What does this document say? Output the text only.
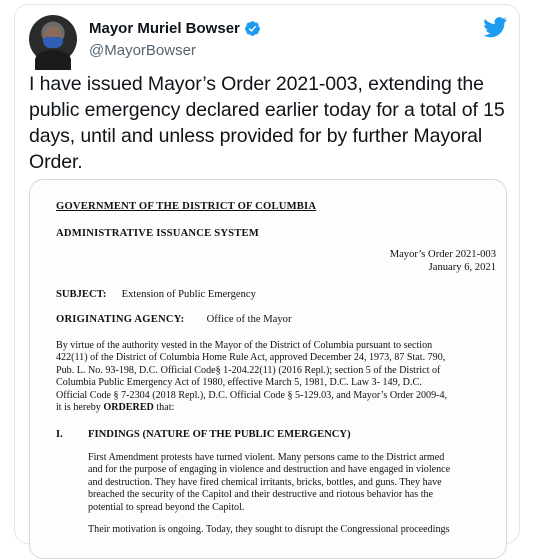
Mayor Muriel Bowser
@MayorBowser
I have issued Mayor’s Order 2021-003, extending the public emergency declared earlier today for a total of 15 days, until and unless provided for by further Mayoral Order.
GOVERNMENT OF THE DISTRICT OF COLUMBIA
ADMINISTRATIVE ISSUANCE SYSTEM
Mayor’s Order 2021-003
January 6, 2021
SUBJECT: Extension of Public Emergency
ORIGINATING AGENCY: Office of the Mayor
By virtue of the authority vested in the Mayor of the District of Columbia pursuant to section
422(11) of the District of Columbia Home Rule Act, approved December 24, 1973, 87 Stat. 790,
Pub. L. No. 93-198, D.C. Official Code§ 1-204.22(11) (2016 Repl.); section 5 of the District of
Columbia Public Emergency Act of 1980, effective March 5, 1981, D.C. Law 3- 149, D.C.
Official Code § 7-2304 (2018 Repl.), D.C. Official Code § 5-129.03, and Mayor’s Order 2009-4,
it is hereby ORDERED that:
I. FINDINGS (NATURE OF THE PUBLIC EMERGENCY)
First Amendment protests have turned violent. Many persons came to the District armed
and for the purpose of engaging in violence and destruction and have engaged in violence
and destruction. They have fired chemical irritants, bricks, bottles, and guns. They have
breached the security of the Capitol and their destructive and riotous behavior has the
potential to spread beyond the Capitol.
Their motivation is ongoing. Today, they sought to disrupt the Congressional proceedings
